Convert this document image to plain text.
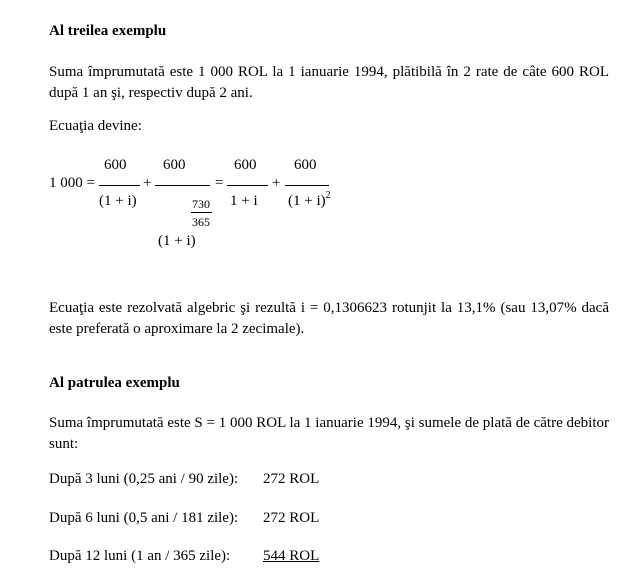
Al treilea exemplu
Suma împrumutată este 1 000 ROL la 1 ianuarie 1994, plătibilă în 2 rate de câte 600 ROL după 1 an şi, respectiv după 2 ani.
Ecuaţia devine:
1 000 =
600
(1 + i)
+
600
730
365
(1 + i)
=
600
1 + i
+
600
$(1 + i)^2$
Ecuaţia este rezolvată algebric şi rezultă i = 0,1306623 rotunjit la 13,1% (sau 13,07% dacă este preferată o aproximare la 2 zecimale).
Al patrulea exemplu
Suma împrumutată este S = 1 000 ROL la 1 ianuarie 1994, şi sumele de plată de către debitor sunt:
După 3 luni (0,25 ani / 90 zile): 272 ROL
După 6 luni (0,5 ani / 181 zile): 272 ROL
După 12 luni (1 an / 365 zile): 544 ROL
